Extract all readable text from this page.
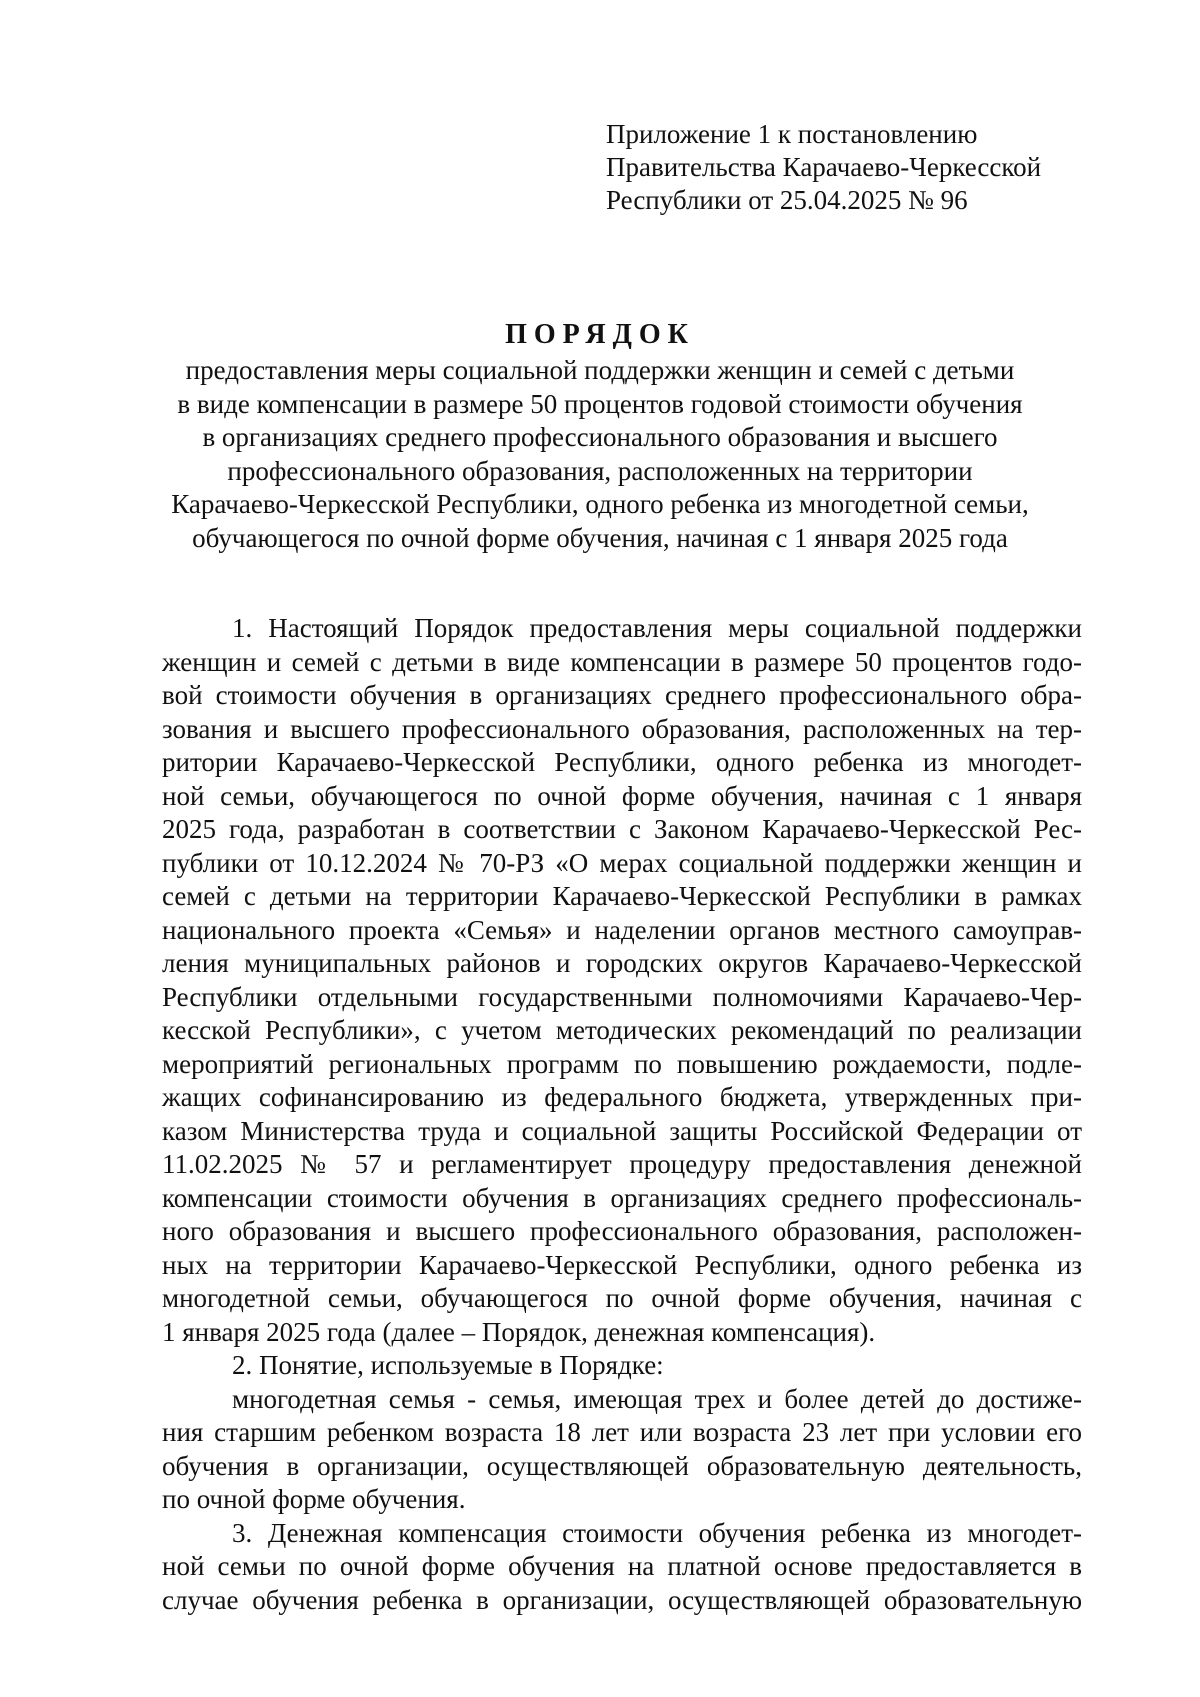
Приложение 1 к постановлению
Правительства Карачаево-Черкесской
Республики от 25.04.2025 № 96
ПОРЯДОК
предоставления меры социальной поддержки женщин и семей с детьми
в виде компенсации в размере 50 процентов годовой стоимости обучения
в организациях среднего профессионального образования и высшего
профессионального образования, расположенных на территории
Карачаево-Черкесской Республики, одного ребенка из многодетной семьи,
обучающегося по очной форме обучения, начиная с 1 января 2025 года
1. Настоящий Порядок предоставления меры социальной поддержки
женщин и семей с детьми в виде компенсации в размере 50 процентов годо-
вой стоимости обучения в организациях среднего профессионального обра-
зования и высшего профессионального образования, расположенных на тер-
ритории Карачаево-Черкесской Республики, одного ребенка из многодет-
ной семьи, обучающегося по очной форме обучения, начиная с 1 января
2025 года, разработан в соответствии с Законом Карачаево-Черкесской Рес-
публики от 10.12.2024 № 70-РЗ «О мерах социальной поддержки женщин и
семей с детьми на территории Карачаево-Черкесской Республики в рамках
национального проекта «Семья» и наделении органов местного самоуправ-
ления муниципальных районов и городских округов Карачаево-Черкесской
Республики отдельными государственными полномочиями Карачаево-Чер-
кесской Республики», с учетом методических рекомендаций по реализации
мероприятий региональных программ по повышению рождаемости, подле-
жащих софинансированию из федерального бюджета, утвержденных при-
казом Министерства труда и социальной защиты Российской Федерации от
11.02.2025 № 57 и регламентирует процедуру предоставления денежной
компенсации стоимости обучения в организациях среднего профессиональ-
ного образования и высшего профессионального образования, расположен-
ных на территории Карачаево-Черкесской Республики, одного ребенка из
многодетной семьи, обучающегося по очной форме обучения, начиная с
1 января 2025 года (далее – Порядок, денежная компенсация).
2. Понятие, используемые в Порядке:
многодетная семья - семья, имеющая трех и более детей до достиже-
ния старшим ребенком возраста 18 лет или возраста 23 лет при условии его
обучения в организации, осуществляющей образовательную деятельность,
по очной форме обучения.
3. Денежная компенсация стоимости обучения ребенка из многодет-
ной семьи по очной форме обучения на платной основе предоставляется в
случае обучения ребенка в организации, осуществляющей образовательную
